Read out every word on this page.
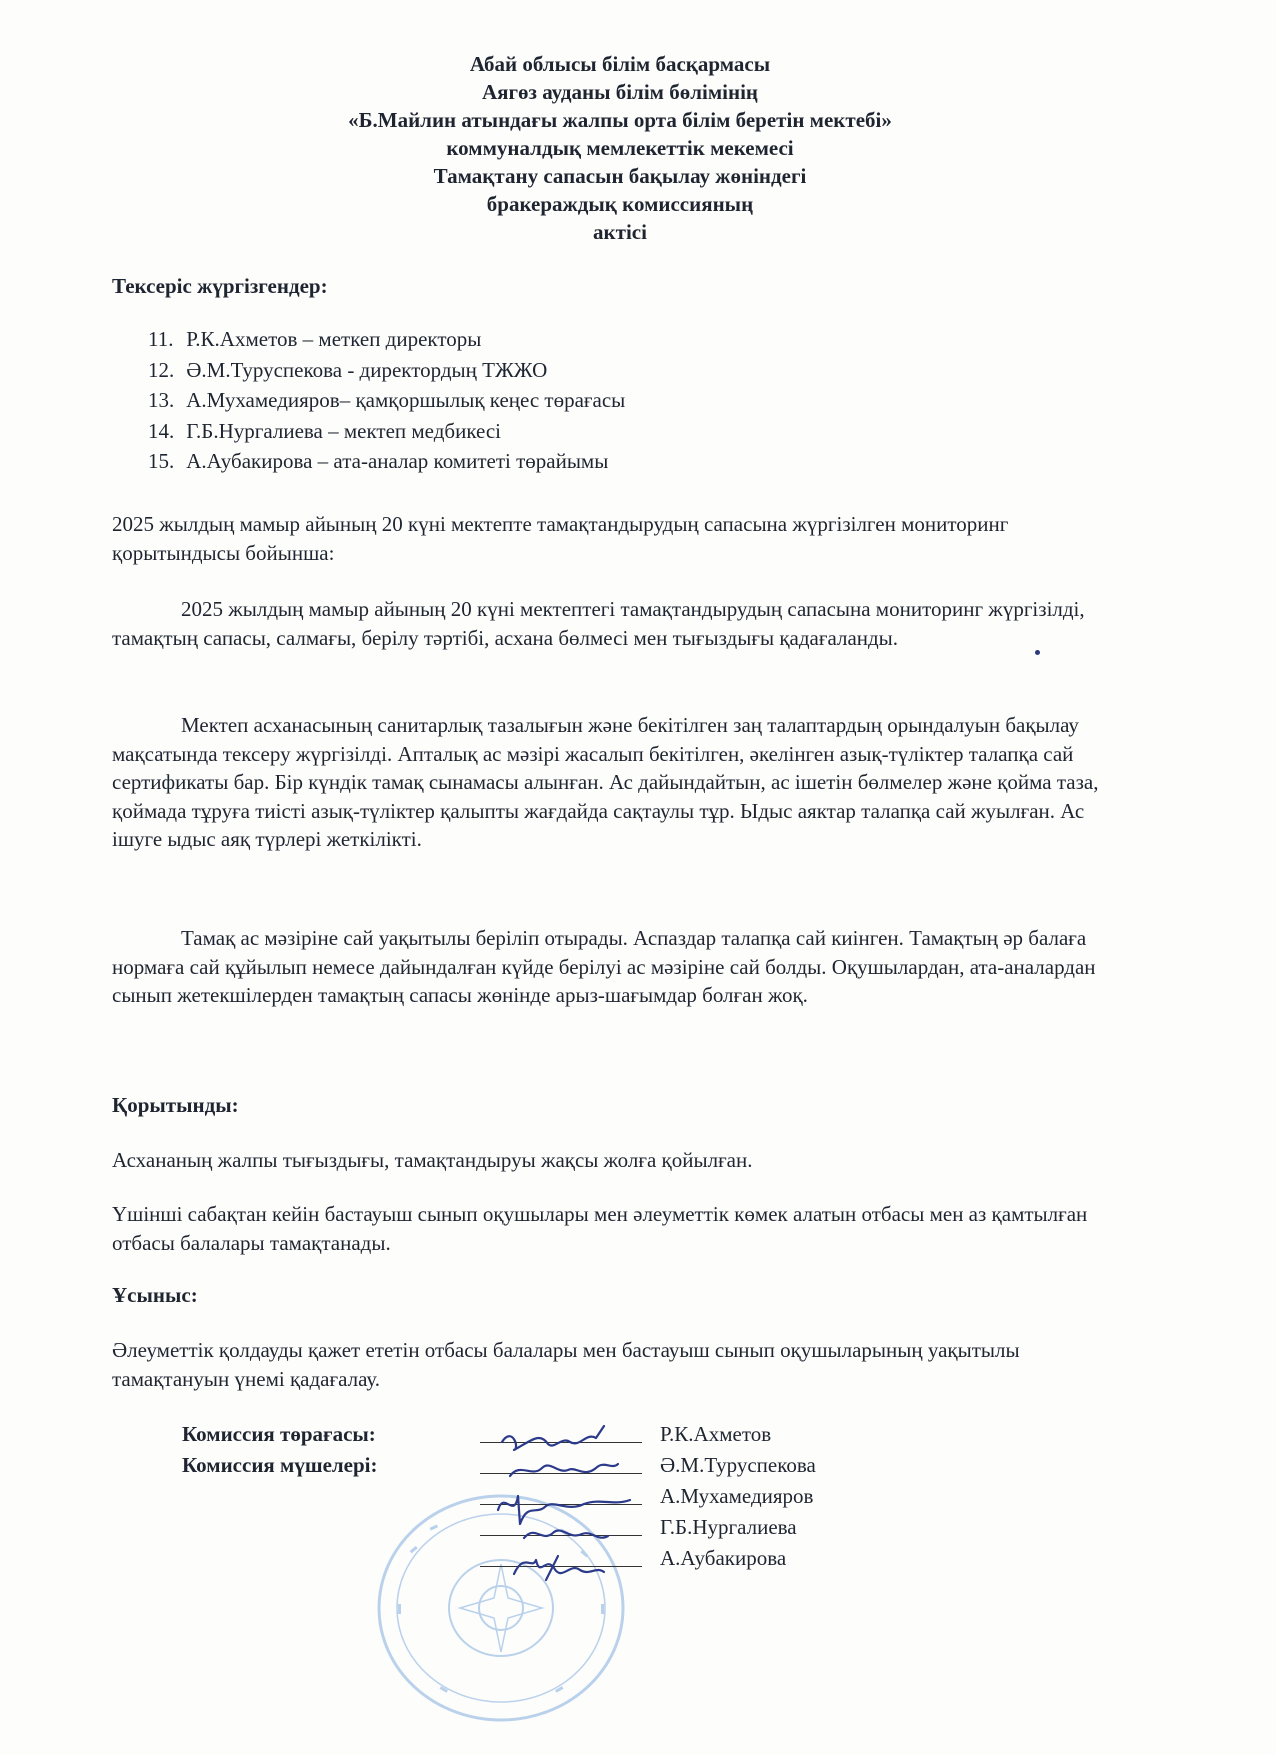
Абай облысы білім басқармасы
Аягөз ауданы білім бөлімінің
«Б.Майлин атындағы жалпы орта білім беретін мектебі»
коммуналдық мемлекеттік мекемесі
Тамақтану сапасын бақылау жөніндегі
бракераждық комиссияның
актісі
Тексеріс жүргізгендер:
11. Р.К.Ахметов – меткеп директоры
12. Ә.М.Туруспекова - директордың ТЖЖО
13. А.Мухамедияров– қамқоршылық кеңес төрағасы
14. Г.Б.Нургалиева – мектеп медбикесі
15. А.Аубакирова – ата-аналар комитеті төрайымы

2025 жылдың мамыр айының 20 күні мектепте тамақтандырудың сапасына жүргізілген мониторинг қорытындысы бойынша:

2025 жылдың мамыр айының 20 күні мектептегі тамақтандырудың сапасына мониторинг жүргізілді, тамақтың сапасы, салмағы, берілу тәртібі, асхана бөлмесі мен тығыздығы қадағаланды.

Мектеп асханасының санитарлық тазалығын және бекітілген заң талаптардың орындалуын бақылау мақсатында тексеру жүргізілді. Апталық ас мәзірі жасалып бекітілген, әкелінген азық-түліктер талапқа сай сертификаты бар. Бір күндік тамақ сынамасы алынған. Ас дайындайтын, ас ішетін бөлмелер және қойма таза, қоймада тұруға тиісті азық-түліктер қалыпты жағдайда сақтаулы тұр. Ыдыс аяктар талапқа сай жуылған. Ас ішуге ыдыс аяқ түрлері жеткілікті.

Тамақ ас мәзіріне сай уақытылы беріліп отырады. Аспаздар талапқа сай киінген. Тамақтың әр балаға нормаға сай құйылып немесе дайындалған күйде берілуі ас мәзіріне сай болды. Оқушылардан, ата-аналардан сынып жетекшілерден тамақтың сапасы жөнінде арыз-шағымдар болған жоқ.

Қорытынды:

Асхананың жалпы тығыздығы, тамақтандыруы жақсы жолға қойылған.

Үшінші сабақтан кейін бастауыш сынып оқушылары мен әлеуметтік көмек алатын отбасы мен аз қамтылған отбасы балалары тамақтанады.

Ұсыныс:

Әлеуметтік қолдауды қажет ететін отбасы балалары мен бастауыш сынып оқушыларының уақытылы тамақтануын үнемі қадағалау.

Комиссия төрағасы:	Р.К.Ахметов
Комиссия мүшелері:	Ә.М.Туруспекова
А.Мухамедияров
Г.Б.Нургалиева
А.Аубакирова
